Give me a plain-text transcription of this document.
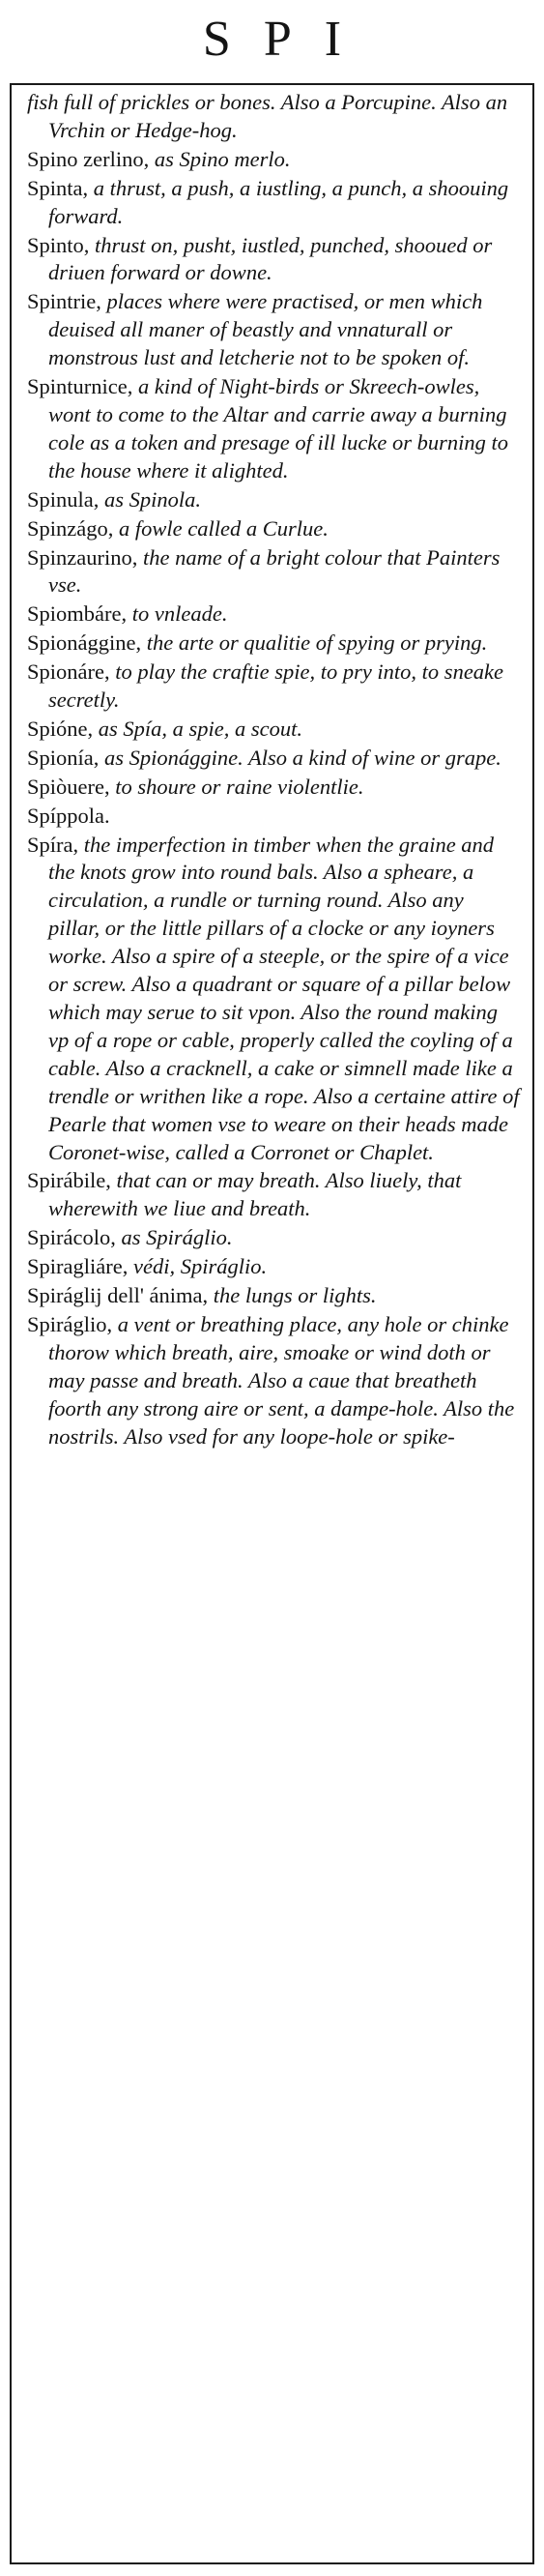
SPI

fish full of prickles or bones. Also a Porcupine. Also an Vrchin or Hedge-hog.

Spino zerlino, as Spino merlo.

Spinta, a thrust, a push, a iustling, a punch, a shoouing forward.

Spinto, thrust on, pusht, iustled, punched, shooued or driuen forward or downe.

Spintrie, places where were practised, or men which deuised all maner of beastly and vnnaturall or monstrous lust and letcherie not to be spoken of.

Spinturnice, a kind of Night-birds or Skreech-owles, wont to come to the Altar and carrie away a burning cole as a token and presage of ill lucke or burning to the house where it alighted.

Spinula, as Spinola.

Spinzágo, a fowle called a Curlue.

Spinzaurino, the name of a bright colour that Painters vse.

Spiombáre, to vnleade.

Spionággine, the arte or qualitie of spying or prying.

Spionáre, to play the craftie spie, to pry into, to sneake secretly.

Spióne, as Spía, a spie, a scout.

Spionía, as Spionággine. Also a kind of wine or grape.

Spiòuere, to shoure or raine violentlie.

Spíppola.

Spíra, the imperfection in timber when the graine and the knots grow into round bals. Also a spheare, a circulation, a rundle or turning round. Also any pillar, or the little pillars of a clocke or any ioyners worke. Also a spire of a steeple, or the spire of a vice or screw. Also a quadrant or square of a pillar below which may serue to sit vpon. Also the round making vp of a rope or cable, properly called the coyling of a cable. Also a cracknell, a cake or simnell made like a trendle or writhen like a rope. Also a certaine attire of Pearle that women vse to weare on their heads made Coronet-wise, called a Corronet or Chaplet.

Spirábile, that can or may breath. Also liuely, that wherewith we liue and breath.

Spirácolo, as Spiráglio.

Spiragliáre, védi, Spiráglio.

Spiráglij dell' ánima, the lungs or lights.

Spiráglio, a vent or breathing place, any hole or chinke thorow which breath, aire, smoake or wind doth or may passe and breath. Also a caue that breatheth foorth any strong aire or sent, a dampe-hole. Also the nostrils. Also vsed for any loope-hole or spike-
